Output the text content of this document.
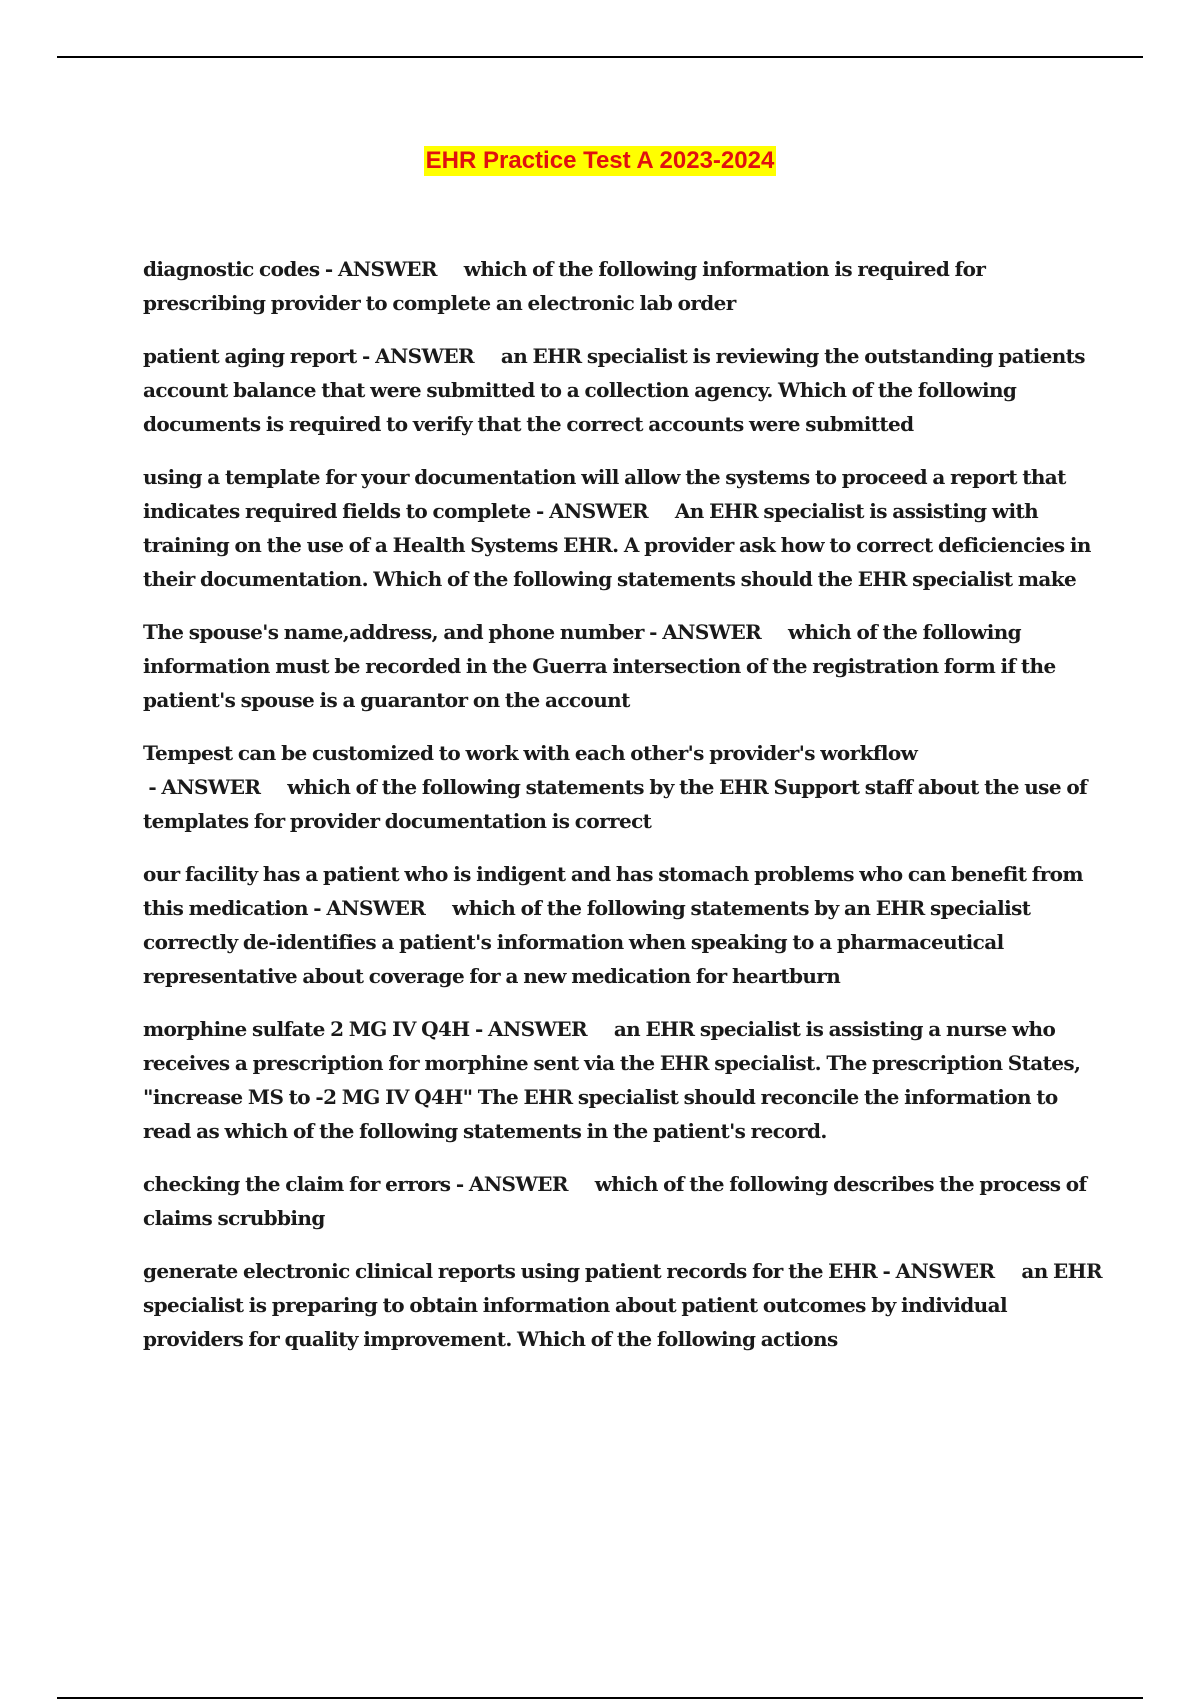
EHR Practice Test A 2023-2024
diagnostic codes - ANSWER     which of the following information is required for prescribing provider to complete an electronic lab order
patient aging report - ANSWER     an EHR specialist is reviewing the outstanding patients account balance that were submitted to a collection agency. Which of the following documents is required to verify that the correct accounts were submitted
using a template for your documentation will allow the systems to proceed a report that indicates required fields to complete - ANSWER     An EHR specialist is assisting with training on the use of a Health Systems EHR. A provider ask how to correct deficiencies in their documentation. Which of the following statements should the EHR specialist make
The spouse's name,address, and phone number - ANSWER     which of the following information must be recorded in the Guerra intersection of the registration form if the patient's spouse is a guarantor on the account
Tempest can be customized to work with each other's provider's workflow - ANSWER     which of the following statements by the EHR Support staff about the use of templates for provider documentation is correct
our facility has a patient who is indigent and has stomach problems who can benefit from this medication - ANSWER     which of the following statements by an EHR specialist correctly de-identifies a patient's information when speaking to a pharmaceutical representative about coverage for a new medication for heartburn
morphine sulfate 2 MG IV Q4H - ANSWER     an EHR specialist is assisting a nurse who receives a prescription for morphine sent via the EHR specialist. The prescription States, "increase MS to -2 MG IV Q4H" The EHR specialist should reconcile the information to read as which of the following statements in the patient's record.
checking the claim for errors - ANSWER     which of the following describes the process of claims scrubbing
generate electronic clinical reports using patient records for the EHR - ANSWER     an EHR specialist is preparing to obtain information about patient outcomes by individual providers for quality improvement. Which of the following actions
